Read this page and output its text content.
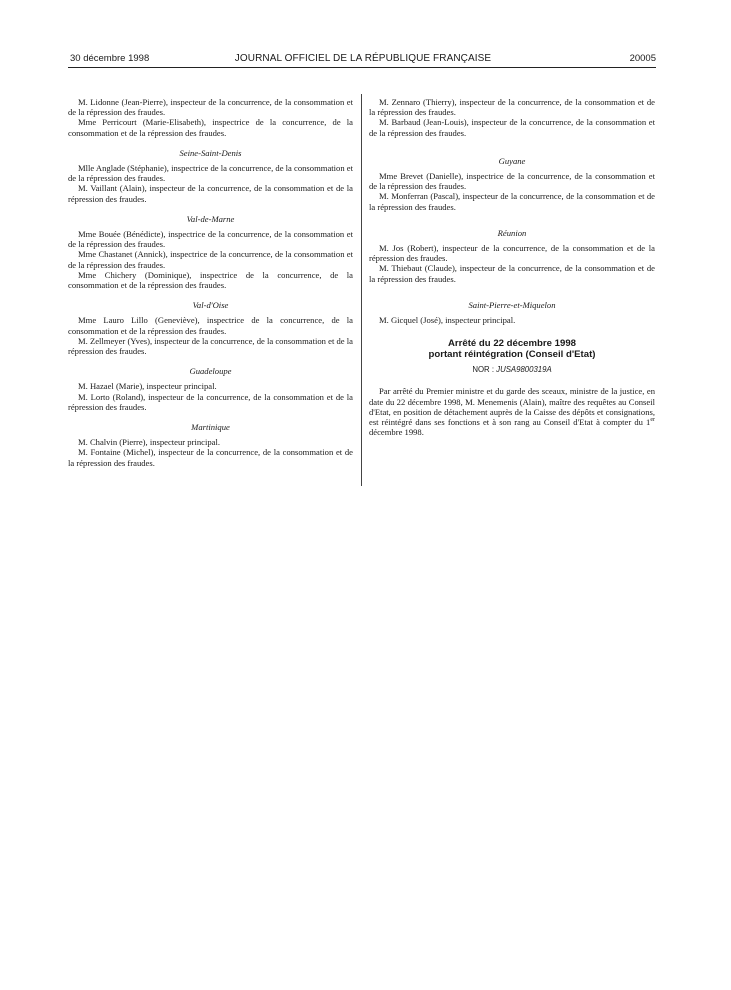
30 décembre 1998	JOURNAL OFFICIEL DE LA RÉPUBLIQUE FRANÇAISE	20005

M. Lidonne (Jean-Pierre), inspecteur de la concurrence, de la consommation et de la répression des fraudes.

Mme Perricourt (Marie-Elisabeth), inspectrice de la concurrence, de la consommation et de la répression des fraudes.

Seine-Saint-Denis

Mlle Anglade (Stéphanie), inspectrice de la concurrence, de la consommation et de la répression des fraudes.

M. Vaillant (Alain), inspecteur de la concurrence, de la consommation et de la répression des fraudes.

Val-de-Marne

Mme Bouée (Bénédicte), inspectrice de la concurrence, de la consommation et de la répression des fraudes.

Mme Chastanet (Annick), inspectrice de la concurrence, de la consommation et de la répression des fraudes.

Mme Chichery (Dominique), inspectrice de la concurrence, de la consommation et de la répression des fraudes.

Val-d'Oise

Mme Lauro Lillo (Geneviève), inspectrice de la concurrence, de la consommation et de la répression des fraudes.

M. Zellmeyer (Yves), inspecteur de la concurrence, de la consommation et de la répression des fraudes.

Guadeloupe

M. Hazael (Marie), inspecteur principal.

M. Lorto (Roland), inspecteur de la concurrence, de la consommation et de la répression des fraudes.

Martinique

M. Chalvin (Pierre), inspecteur principal.

M. Fontaine (Michel), inspecteur de la concurrence, de la consommation et de la répression des fraudes.

M. Zennaro (Thierry), inspecteur de la concurrence, de la consommation et de la répression des fraudes.

M. Barbaud (Jean-Louis), inspecteur de la concurrence, de la consommation et de la répression des fraudes.

Guyane

Mme Brevet (Danielle), inspectrice de la concurrence, de la consommation et de la répression des fraudes.

M. Monferran (Pascal), inspecteur de la concurrence, de la consommation et de la répression des fraudes.

Réunion

M. Jos (Robert), inspecteur de la concurrence, de la consommation et de la répression des fraudes.

M. Thiebaut (Claude), inspecteur de la concurrence, de la consommation et de la répression des fraudes.

Saint-Pierre-et-Miquelon

M. Gicquel (José), inspecteur principal.

Arrêté du 22 décembre 1998
portant réintégration (Conseil d'Etat)
NOR : JUSA9800319A

Par arrêté du Premier ministre et du garde des sceaux, ministre de la justice, en date du 22 décembre 1998, M. Menemenis (Alain), maître des requêtes au Conseil d'Etat, en position de détachement auprès de la Caisse des dépôts et consignations, est réintégré dans ses fonctions et à son rang au Conseil d'Etat à compter du 1er décembre 1998.
